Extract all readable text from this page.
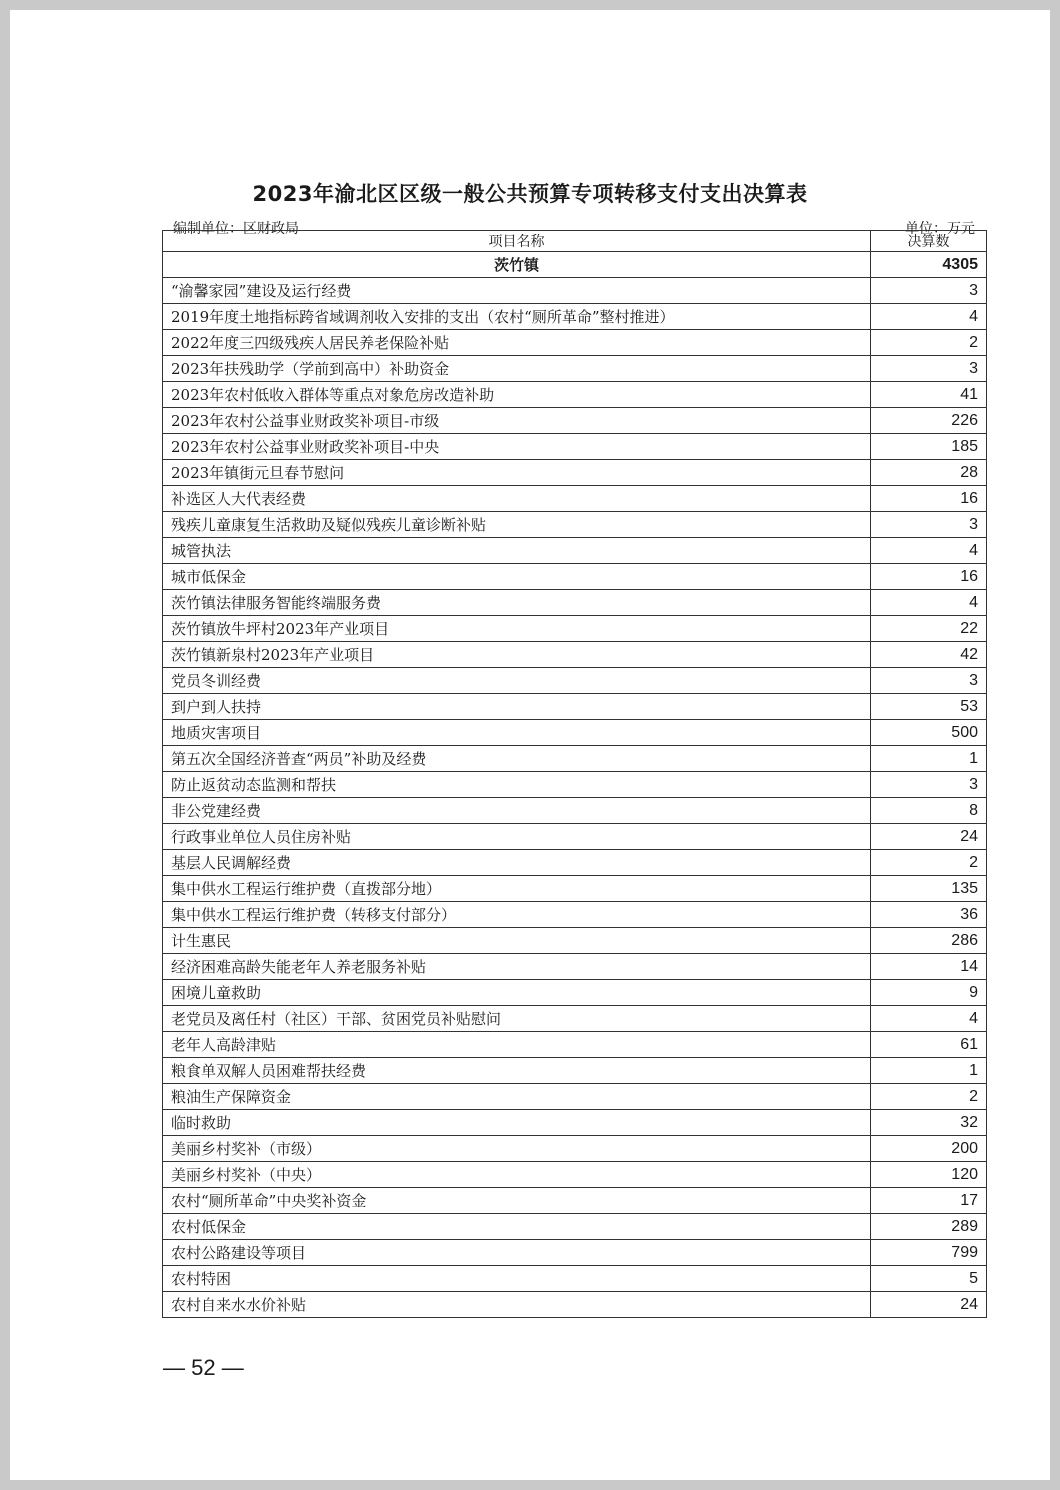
2023年渝北区区级一般公共预算专项转移支付支出决算表
编制单位：区财政局	单位：万元
项目名称	决算数
茨竹镇	4305
“渝馨家园”建设及运行经费	3
2019年度土地指标跨省域调剂收入安排的支出（农村“厕所革命”整村推进）	4
2022年度三四级残疾人居民养老保险补贴	2
2023年扶残助学（学前到高中）补助资金	3
2023年农村低收入群体等重点对象危房改造补助	41
2023年农村公益事业财政奖补项目-市级	226
2023年农村公益事业财政奖补项目-中央	185
2023年镇街元旦春节慰问	28
补选区人大代表经费	16
残疾儿童康复生活救助及疑似残疾儿童诊断补贴	3
城管执法	4
城市低保金	16
茨竹镇法律服务智能终端服务费	4
茨竹镇放牛坪村2023年产业项目	22
茨竹镇新泉村2023年产业项目	42
党员冬训经费	3
到户到人扶持	53
地质灾害项目	500
第五次全国经济普查“两员”补助及经费	1
防止返贫动态监测和帮扶	3
非公党建经费	8
行政事业单位人员住房补贴	24
基层人民调解经费	2
集中供水工程运行维护费（直拨部分地）	135
集中供水工程运行维护费（转移支付部分）	36
计生惠民	286
经济困难高龄失能老年人养老服务补贴	14
困境儿童救助	9
老党员及离任村（社区）干部、贫困党员补贴慰问	4
老年人高龄津贴	61
粮食单双解人员困难帮扶经费	1
粮油生产保障资金	2
临时救助	32
美丽乡村奖补（市级）	200
美丽乡村奖补（中央）	120
农村“厕所革命”中央奖补资金	17
农村低保金	289
农村公路建设等项目	799
农村特困	5
农村自来水水价补贴	24
— 52 —
